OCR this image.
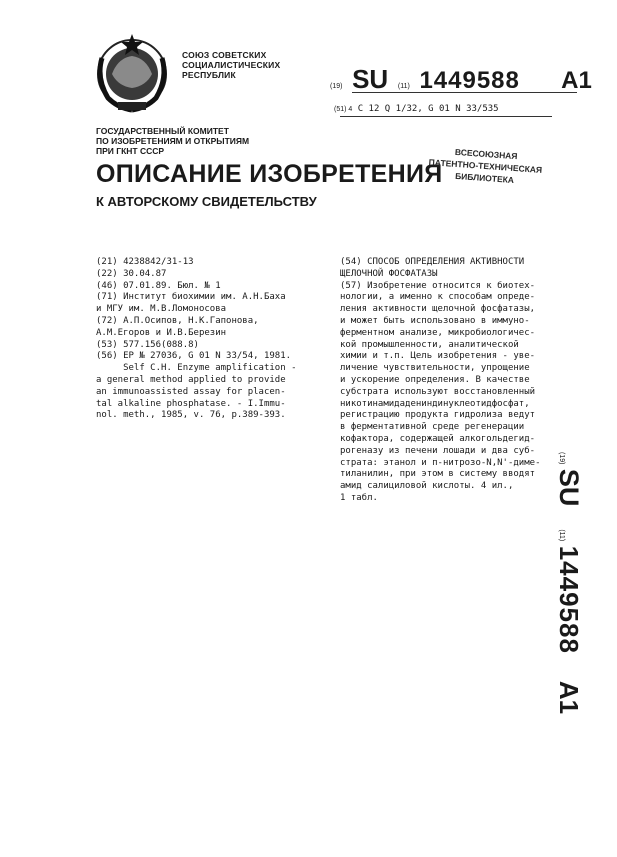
СОЮЗ СОВЕТСКИХ
СОЦИАЛИСТИЧЕСКИХ
РЕСПУБЛИК
(19) SU (11) 1449588 A1
(51) 4 С 12 Q 1/32, G 01 N 33/535
ГОСУДАРСТВЕННЫЙ КОМИТЕТ
ПО ИЗОБРЕТЕНИЯМ И ОТКРЫТИЯМ
ПРИ ГКНТ СССР
ОПИСАНИЕ ИЗОБРЕТЕНИЯ
К АВТОРСКОМУ СВИДЕТЕЛЬСТВУ
ВСЕСОЮЗНАЯ
ПАТЕНТНО-ТЕХНИЧЕСКАЯ
БИБЛИОТЕКА
(21) 4238842/31-13
(22) 30.04.87
(46) 07.01.89. Бюл. № 1
(71) Институт биохимии им. А.Н.Баха
и МГУ им. М.В.Ломоносова
(72) А.П.Осипов, Н.К.Гапонова,
А.М.Егоров и И.В.Березин
(53) 577.156(088.8)
(56) ЕР № 27036, G 01 N 33/54, 1981.
Self C.H. Enzyme amplification -
a general method applied to provide
an immunoassisted assay for placen-
tal alkaline phosphatase. - I.Immu-
nol. meth., 1985, v. 76, p.389-393.
(54) СПОСОБ ОПРЕДЕЛЕНИЯ АКТИВНОСТИ
ЩЕЛОЧНОЙ ФОСФАТАЗЫ
(57) Изобретение относится к биотех-
нологии, а именно к способам опреде-
ления активности щелочной фосфатазы,
и может быть использовано в иммуно-
ферментном анализе, микробиологичес-
кой промышленности, аналитической
химии и т.п. Цель изобретения - уве-
личение чувствительности, упрощение
и ускорение определения. В качестве
субстрата используют восстановленный
никотинамидадениндинуклеотидфосфат,
регистрацию продукта гидролиза ведут
в ферментативной среде регенерации
кофактора, содержащей алкогольдегид-
рогеназу из печени лошади и два суб-
страта: этанол и п-нитрозо-N,N'-диме-
тиланилин, при этом в систему вводят
амид салициловой кислоты. 4 ил.,
1 табл.
(19) SU  (11) 1449588  A1
